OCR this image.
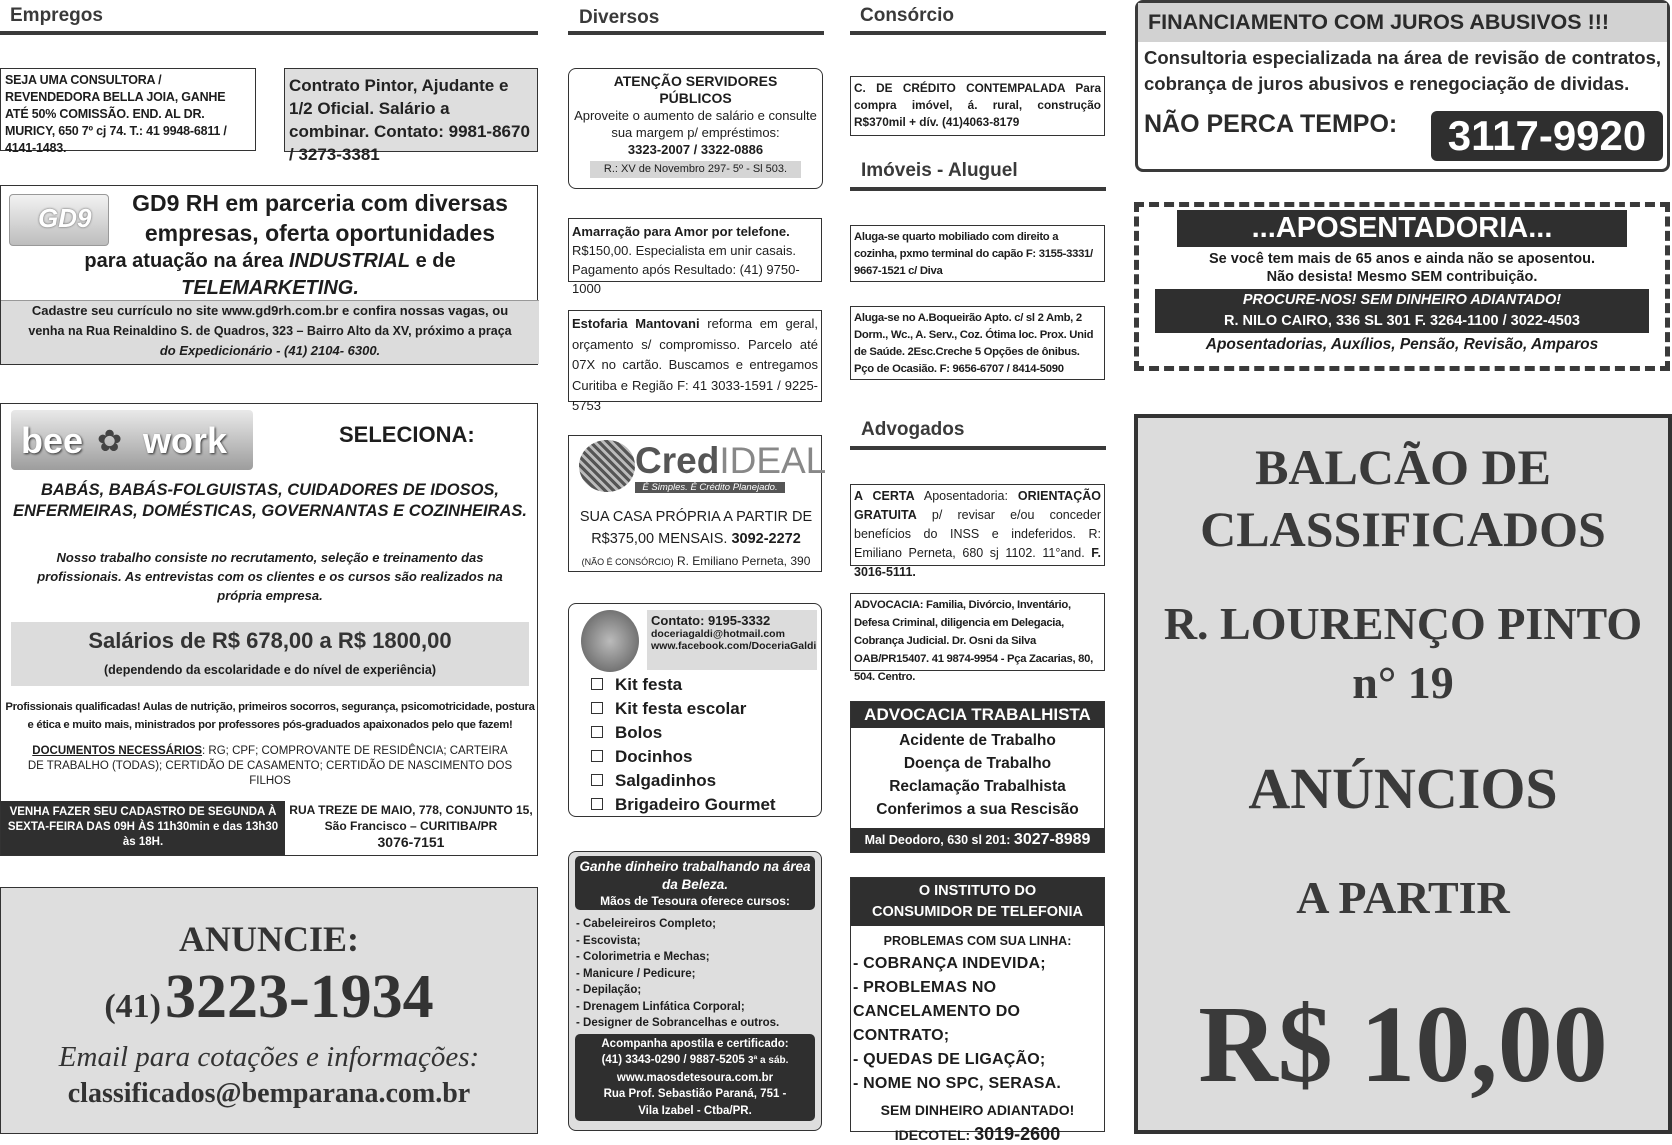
Empregos
SEJA UMA CONSULTORA / REVENDEDORA BELLA JOIA, GANHE ATÉ 50% COMISSÃO. END. AL DR. MURICY, 650 7º cj 74. T.: 41 9948-6811 / 4141-1483.
Contrato Pintor, Ajudante e 1/2 Oficial. Salário a combinar. Contato: 9981-8670 / 3273-3381
GD9	GD9 RH em parceria com diversas
empresas, oferta oportunidades
para atuação na área INDUSTRIAL e de
TELEMARKETING.
Cadastre seu currículo no site www.gd9rh.com.br e confira nossas vagas, ou
venha na Rua Reinaldino S. de Quadros, 323 – Bairro Alto da XV, próximo a praça
do Expedicionário - (41) 2104- 6300.
bee ✿ work	SELECIONA:
BABÁS, BABÁS-FOLGUISTAS, CUIDADORES DE IDOSOS,
ENFERMEIRAS, DOMÉSTICAS, GOVERNANTAS E COZINHEIRAS.
Nosso trabalho consiste no recrutamento, seleção e treinamento das profissionais. As entrevistas com os clientes e os cursos são realizados na própria empresa.
Salários de R$ 678,00 a R$ 1800,00
(dependendo da escolaridade e do nível de experiência)
Profissionais qualificadas! Aulas de nutrição, primeiros socorros, segurança, psicomotricidade, postura e ética e muito mais, ministrados por professores pós-graduados apaixonados pelo que fazem!
DOCUMENTOS NECESSÁRIOS: RG; CPF; COMPROVANTE DE RESIDÊNCIA; CARTEIRA DE TRABALHO (TODAS); CERTIDÃO DE CASAMENTO; CERTIDÃO DE NASCIMENTO DOS FILHOS
VENHA FAZER SEU CADASTRO DE SEGUNDA À SEXTA-FEIRA DAS 09H ÀS 11h30min e das 13h30 às 18H.
RUA TREZE DE MAIO, 778, CONJUNTO 15, São Francisco – CURITIBA/PR
3076-7151
ANUNCIE:
(41) 3223-1934
Email para cotações e informações:
classificados@bemparana.com.br
Diversos
ATENÇÃO SERVIDORES PÚBLICOS
Aproveite o aumento de salário e consulte sua margem p/ empréstimos:
3323-2007 / 3322-0886
R.: XV de Novembro 297- 5º - Sl 503.
Amarração para Amor por telefone. R$150,00. Especialista em unir casais. Pagamento após Resultado: (41) 9750-1000
Estofaria Mantovani reforma em geral, orçamento s/ compromisso. Parcelo até 07X no cartão. Buscamos e entregamos Curitiba e Região F: 41 3033-1591 / 9225-5753
CredIDEAL
É Simples. É Crédito Planejado.
SUA CASA PRÓPRIA A PARTIR DE
R$375,00 MENSAIS. 3092-2272
(NÃO É CONSÓRCIO) R. Emiliano Perneta, 390
Contato: 9195-3332
doceriagaldi@hotmail.com
www.facebook.com/DoceriaGaldi
Kit festa
Kit festa escolar
Bolos
Docinhos
Salgadinhos
Brigadeiro Gourmet
Ganhe dinheiro trabalhando na área da Beleza.
Mãos de Tesoura oferece cursos:
- Cabeleireiros Completo;
- Escovista;
- Colorimetria e Mechas;
- Manicure / Pedicure;
- Depilação;
- Drenagem Linfática Corporal;
- Designer de Sobrancelhas e outros.
Acompanha apostila e certificado:
(41) 3343-0290 / 9887-5205 3ª a sáb.
www.maosdetesoura.com.br
Rua Prof. Sebastião Paraná, 751 -
Vila Izabel - Ctba/PR.
Consórcio
C. DE CRÉDITO CONTEMPALADA Para compra imóvel, á. rural, construção R$370mil + dív. (41)4063-8179
Imóveis - Aluguel
Aluga-se quarto mobiliado com direito a cozinha, pxmo terminal do capão F: 3155-3331/ 9667-1521 c/ Diva
Aluga-se no A.Boqueirão Apto. c/ sl 2 Amb, 2 Dorm., Wc., A. Serv., Coz. Ótima loc. Prox. Unid de Saúde. 2Esc.Creche 5 Opções de ônibus. Pço de Ocasião. F: 9656-6707 / 8414-5090
Advogados
A CERTA Aposentadoria: ORIENTAÇÃO GRATUITA p/ revisar e/ou conceder benefícios do INSS e indeferidos. R: Emiliano Perneta, 680 sj 1102. 11°and. F. 3016-5111.
ADVOCACIA: Familia, Divórcio, Inventário, Defesa Criminal, diligencia em Delegacia, Cobrança Judicial. Dr. Osni da Silva OAB/PR15407. 41 9874-9954 - Pça Zacarias, 80, 504. Centro.
ADVOCACIA TRABALHISTA
Acidente de Trabalho
Doença de Trabalho
Reclamação Trabalhista
Conferimos a sua Rescisão
Mal Deodoro, 630 sl 201: 3027-8989
O INSTITUTO DO CONSUMIDOR DE TELEFONIA
PROBLEMAS COM SUA LINHA:
- COBRANÇA INDEVIDA;
- PROBLEMAS NO CANCELAMENTO DO CONTRATO;
- QUEDAS DE LIGAÇÃO;
- NOME NO SPC, SERASA.
SEM DINHEIRO ADIANTADO!
IDECOTEL: 3019-2600
FINANCIAMENTO COM JUROS ABUSIVOS !!!
Consultoria especializada na área de revisão de contratos, cobrança de juros abusivos e renegociação de dividas.
NÃO PERCA TEMPO:	3117-9920
...APOSENTADORIA...
Se você tem mais de 65 anos e ainda não se aposentou.
Não desista! Mesmo SEM contribuição.
PROCURE-NOS! SEM DINHEIRO ADIANTADO!
R. NILO CAIRO, 336 SL 301 F. 3264-1100 / 3022-4503
Aposentadorias, Auxílios, Pensão, Revisão, Amparos
BALCÃO DE
CLASSIFICADOS
R. LOURENÇO PINTO
n° 19
ANÚNCIOS
A PARTIR
R$ 10,00
